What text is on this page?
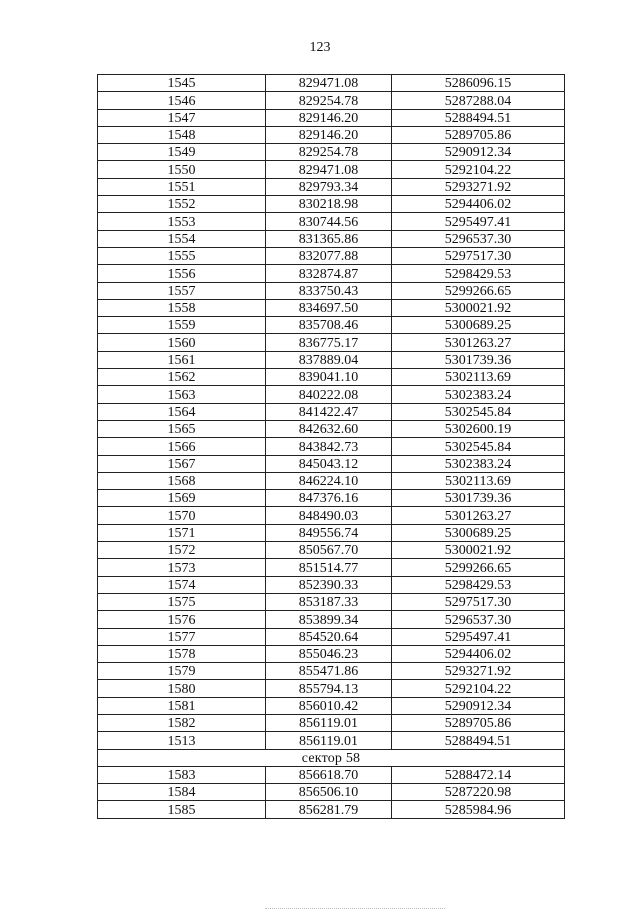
123
1545	829471.08	5286096.15
1546	829254.78	5287288.04
1547	829146.20	5288494.51
1548	829146.20	5289705.86
1549	829254.78	5290912.34
1550	829471.08	5292104.22
1551	829793.34	5293271.92
1552	830218.98	5294406.02
1553	830744.56	5295497.41
1554	831365.86	5296537.30
1555	832077.88	5297517.30
1556	832874.87	5298429.53
1557	833750.43	5299266.65
1558	834697.50	5300021.92
1559	835708.46	5300689.25
1560	836775.17	5301263.27
1561	837889.04	5301739.36
1562	839041.10	5302113.69
1563	840222.08	5302383.24
1564	841422.47	5302545.84
1565	842632.60	5302600.19
1566	843842.73	5302545.84
1567	845043.12	5302383.24
1568	846224.10	5302113.69
1569	847376.16	5301739.36
1570	848490.03	5301263.27
1571	849556.74	5300689.25
1572	850567.70	5300021.92
1573	851514.77	5299266.65
1574	852390.33	5298429.53
1575	853187.33	5297517.30
1576	853899.34	5296537.30
1577	854520.64	5295497.41
1578	855046.23	5294406.02
1579	855471.86	5293271.92
1580	855794.13	5292104.22
1581	856010.42	5290912.34
1582	856119.01	5289705.86
1513	856119.01	5288494.51
сектор 58		
1583	856618.70	5288472.14
1584	856506.10	5287220.98
1585	856281.79	5285984.96
